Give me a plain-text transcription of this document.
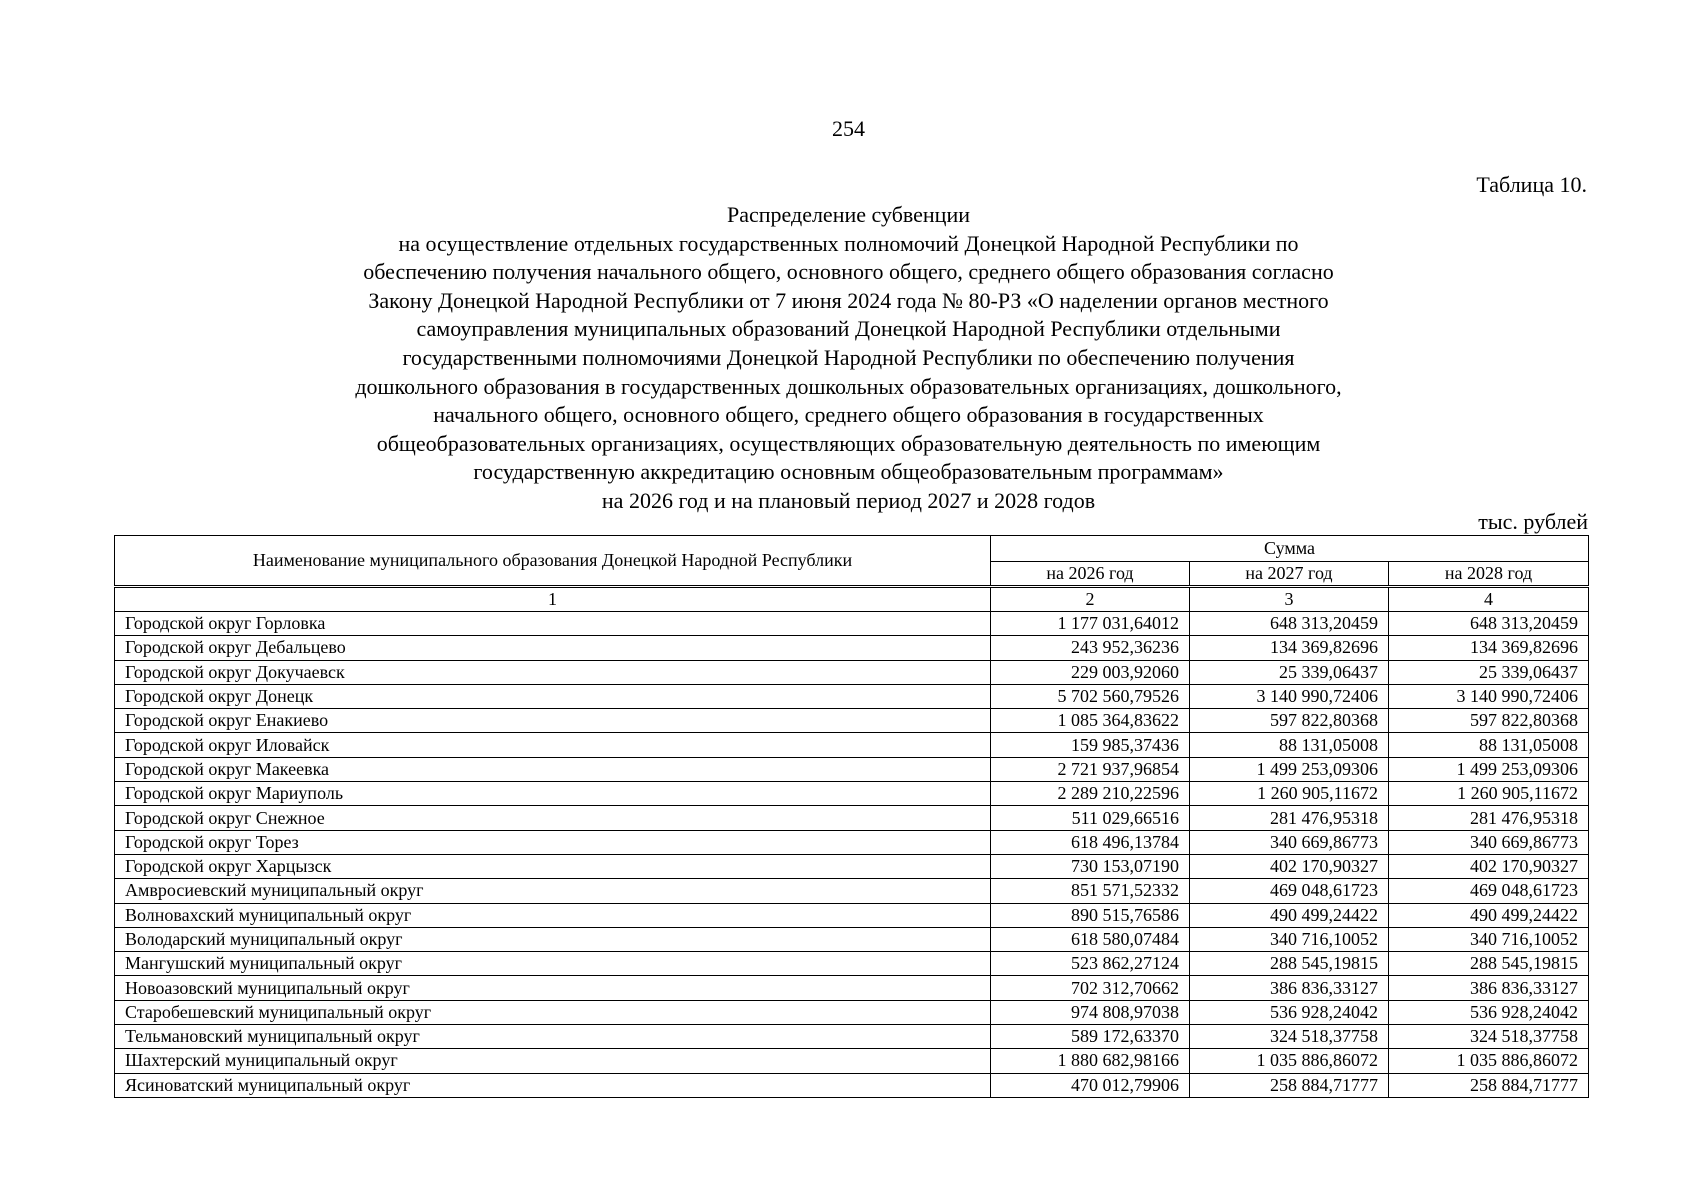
254
Таблица 10.
Распределение субвенции
на осуществление отдельных государственных полномочий Донецкой Народной Республики по
обеспечению получения начального общего, основного общего, среднего общего образования согласно
Закону Донецкой Народной Республики от 7 июня 2024 года № 80-РЗ «О наделении органов местного
самоуправления муниципальных образований Донецкой Народной Республики отдельными
государственными полномочиями Донецкой Народной Республики по обеспечению получения
дошкольного образования в государственных дошкольных образовательных организациях, дошкольного,
начального общего, основного общего, среднего общего образования в государственных
общеобразовательных организациях, осуществляющих образовательную деятельность по имеющим
государственную аккредитацию основным общеобразовательным программам»
на 2026 год и на плановый период 2027 и 2028 годов
тыс. рублей
Наименование муниципального образования Донецкой Народной Республики	Сумма		
	на 2026 год	на 2027 год	на 2028 год

1	2	3	4
Городской округ Горловка	1 177 031,64012	648 313,20459	648 313,20459
Городской округ Дебальцево	243 952,36236	134 369,82696	134 369,82696
Городской округ Докучаевск	229 003,92060	25 339,06437	25 339,06437
Городской округ Донецк	5 702 560,79526	3 140 990,72406	3 140 990,72406
Городской округ Енакиево	1 085 364,83622	597 822,80368	597 822,80368
Городской округ Иловайск	159 985,37436	88 131,05008	88 131,05008
Городской округ Макеевка	2 721 937,96854	1 499 253,09306	1 499 253,09306
Городской округ Мариуполь	2 289 210,22596	1 260 905,11672	1 260 905,11672
Городской округ Снежное	511 029,66516	281 476,95318	281 476,95318
Городской округ Торез	618 496,13784	340 669,86773	340 669,86773
Городской округ Харцызск	730 153,07190	402 170,90327	402 170,90327
Амвросиевский муниципальный округ	851 571,52332	469 048,61723	469 048,61723
Волновахский муниципальный округ	890 515,76586	490 499,24422	490 499,24422
Володарский муниципальный округ	618 580,07484	340 716,10052	340 716,10052
Мангушский муниципальный округ	523 862,27124	288 545,19815	288 545,19815
Новоазовский муниципальный округ	702 312,70662	386 836,33127	386 836,33127
Старобешевский муниципальный округ	974 808,97038	536 928,24042	536 928,24042
Тельмановский муниципальный округ	589 172,63370	324 518,37758	324 518,37758
Шахтерский муниципальный округ	1 880 682,98166	1 035 886,86072	1 035 886,86072
Ясиноватский муниципальный округ	470 012,79906	258 884,71777	258 884,71777
